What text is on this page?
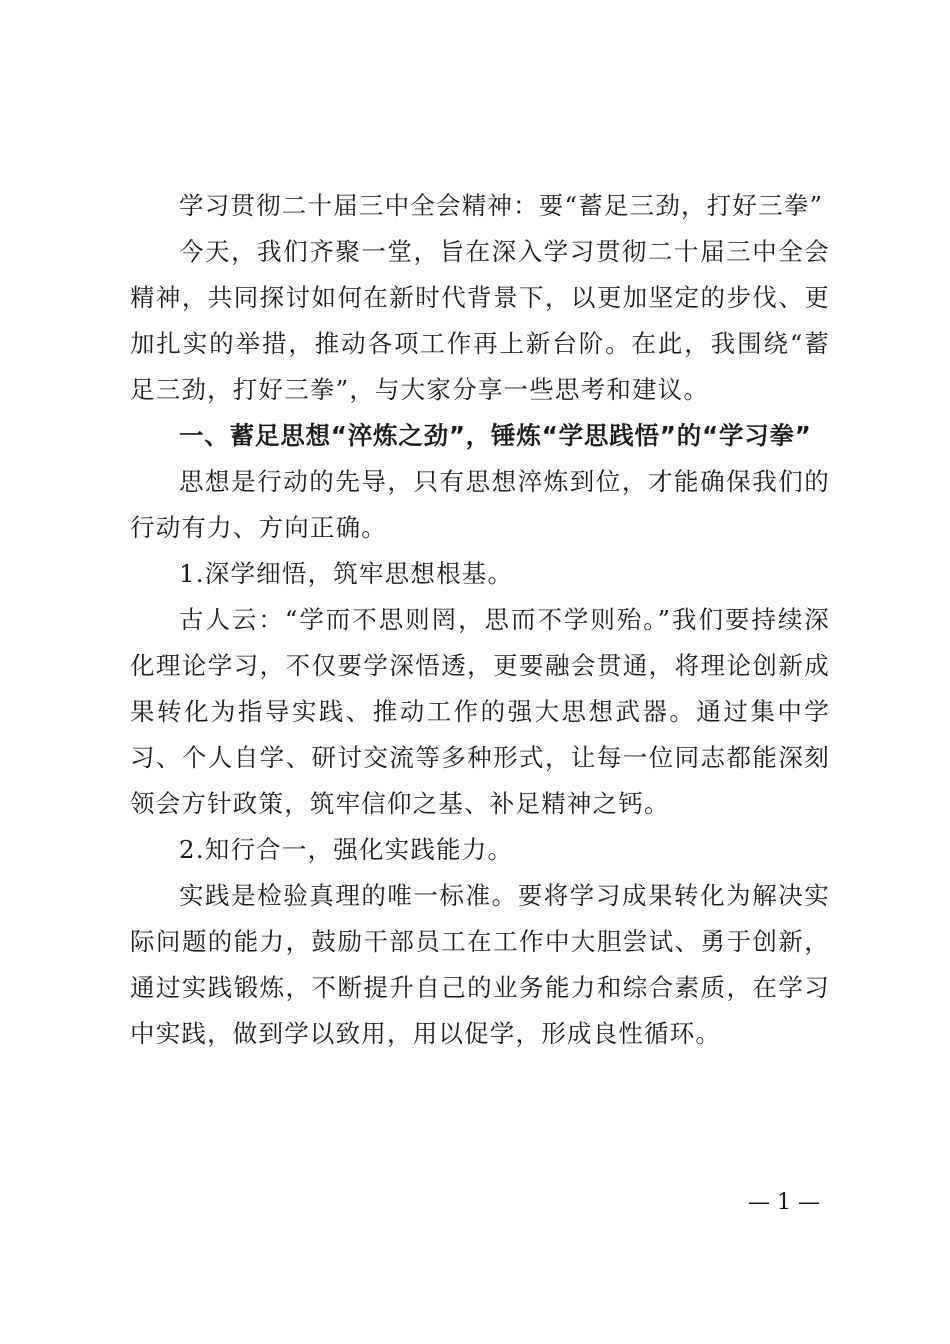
学习贯彻二十届三中全会精神：要“蓄足三劲，打好三拳”

今天，我们齐聚一堂，旨在深入学习贯彻二十届三中全会精神，共同探讨如何在新时代背景下，以更加坚定的步伐、更加扎实的举措，推动各项工作再上新台阶。在此，我围绕“蓄足三劲，打好三拳”，与大家分享一些思考和建议。

一、蓄足思想“淬炼之劲”，锤炼“学思践悟”的“学习拳”

思想是行动的先导，只有思想淬炼到位，才能确保我们的行动有力、方向正确。

1.深学细悟，筑牢思想根基。

古人云：“学而不思则罔，思而不学则殆。”我们要持续深化理论学习，不仅要学深悟透，更要融会贯通，将理论创新成果转化为指导实践、推动工作的强大思想武器。通过集中学习、个人自学、研讨交流等多种形式，让每一位同志都能深刻领会方针政策，筑牢信仰之基、补足精神之钙。

2.知行合一，强化实践能力。

实践是检验真理的唯一标准。要将学习成果转化为解决实际问题的能力，鼓励干部员工在工作中大胆尝试、勇于创新，通过实践锻炼，不断提升自己的业务能力和综合素质，在学习中实践，做到学以致用，用以促学，形成良性循环。

— 1 —
